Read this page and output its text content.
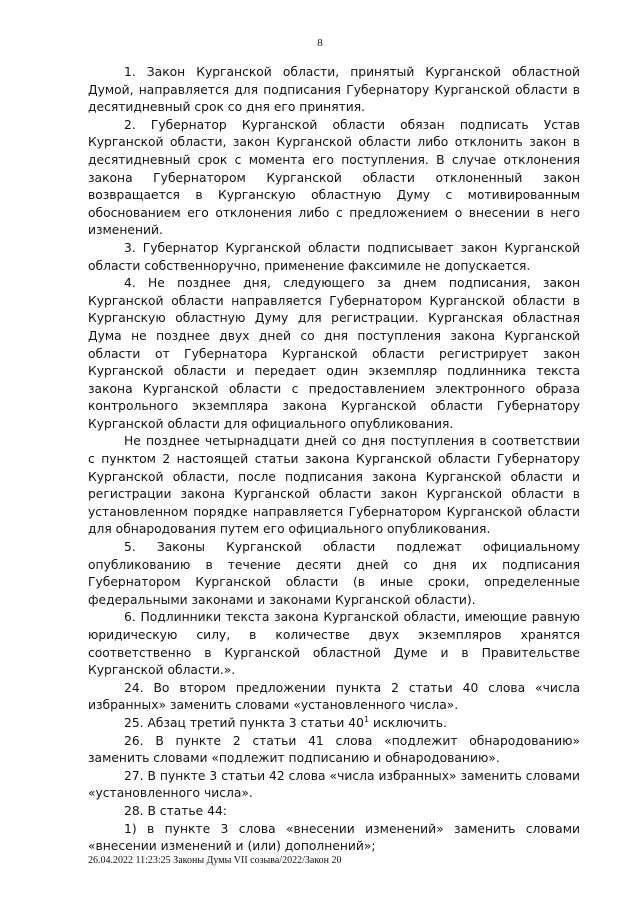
8

1. Закон Курганской области, принятый Курганской областной Думой, направляется для подписания Губернатору Курганской области в десятидневный срок со дня его принятия.

2. Губернатор Курганской области обязан подписать Устав Курганской области, закон Курганской области либо отклонить закон в десятидневный срок с момента его поступления. В случае отклонения закона Губернатором Курганской области отклоненный закон возвращается в Курганскую областную Думу с мотивированным обоснованием его отклонения либо с предложением о внесении в него изменений.

3. Губернатор Курганской области подписывает закон Курганской области собственноручно, применение факсимиле не допускается.

4. Не позднее дня, следующего за днем подписания, закон Курганской области направляется Губернатором Курганской области в Курганскую областную Думу для регистрации. Курганская областная Дума не позднее двух дней со дня поступления закона Курганской области от Губернатора Курганской области регистрирует закон Курганской области и передает один экземпляр подлинника текста закона Курганской области с предоставлением электронного образа контрольного экземпляра закона Курганской области Губернатору Курганской области для официального опубликования.

Не позднее четырнадцати дней со дня поступления в соответствии с пунктом 2 настоящей статьи закона Курганской области Губернатору Курганской области, после подписания закона Курганской области и регистрации закона Курганской области закон Курганской области в установленном порядке направляется Губернатором Курганской области для обнародования путем его официального опубликования.

5. Законы Курганской области подлежат официальному опубликованию в течение десяти дней со дня их подписания Губернатором Курганской области (в иные сроки, определенные федеральными законами и законами Курганской области).

6. Подлинники текста закона Курганской области, имеющие равную юридическую силу, в количестве двух экземпляров хранятся соответственно в Курганской областной Думе и в Правительстве Курганской области.».

24. Во втором предложении пункта 2 статьи 40 слова «числа избранных» заменить словами «установленного числа».

25. Абзац третий пункта 3 статьи $40^1$ исключить.

26. В пункте 2 статьи 41 слова «подлежит обнародованию» заменить словами «подлежит подписанию и обнародованию».

27. В пункте 3 статьи 42 слова «числа избранных» заменить словами «установленного числа».

28. В статье 44:

1) в пункте 3 слова «внесении изменений» заменить словами «внесении изменений и (или) дополнений»;

26.04.2022 11:23:25 Законы Думы VII созыва/2022/Закон 20
